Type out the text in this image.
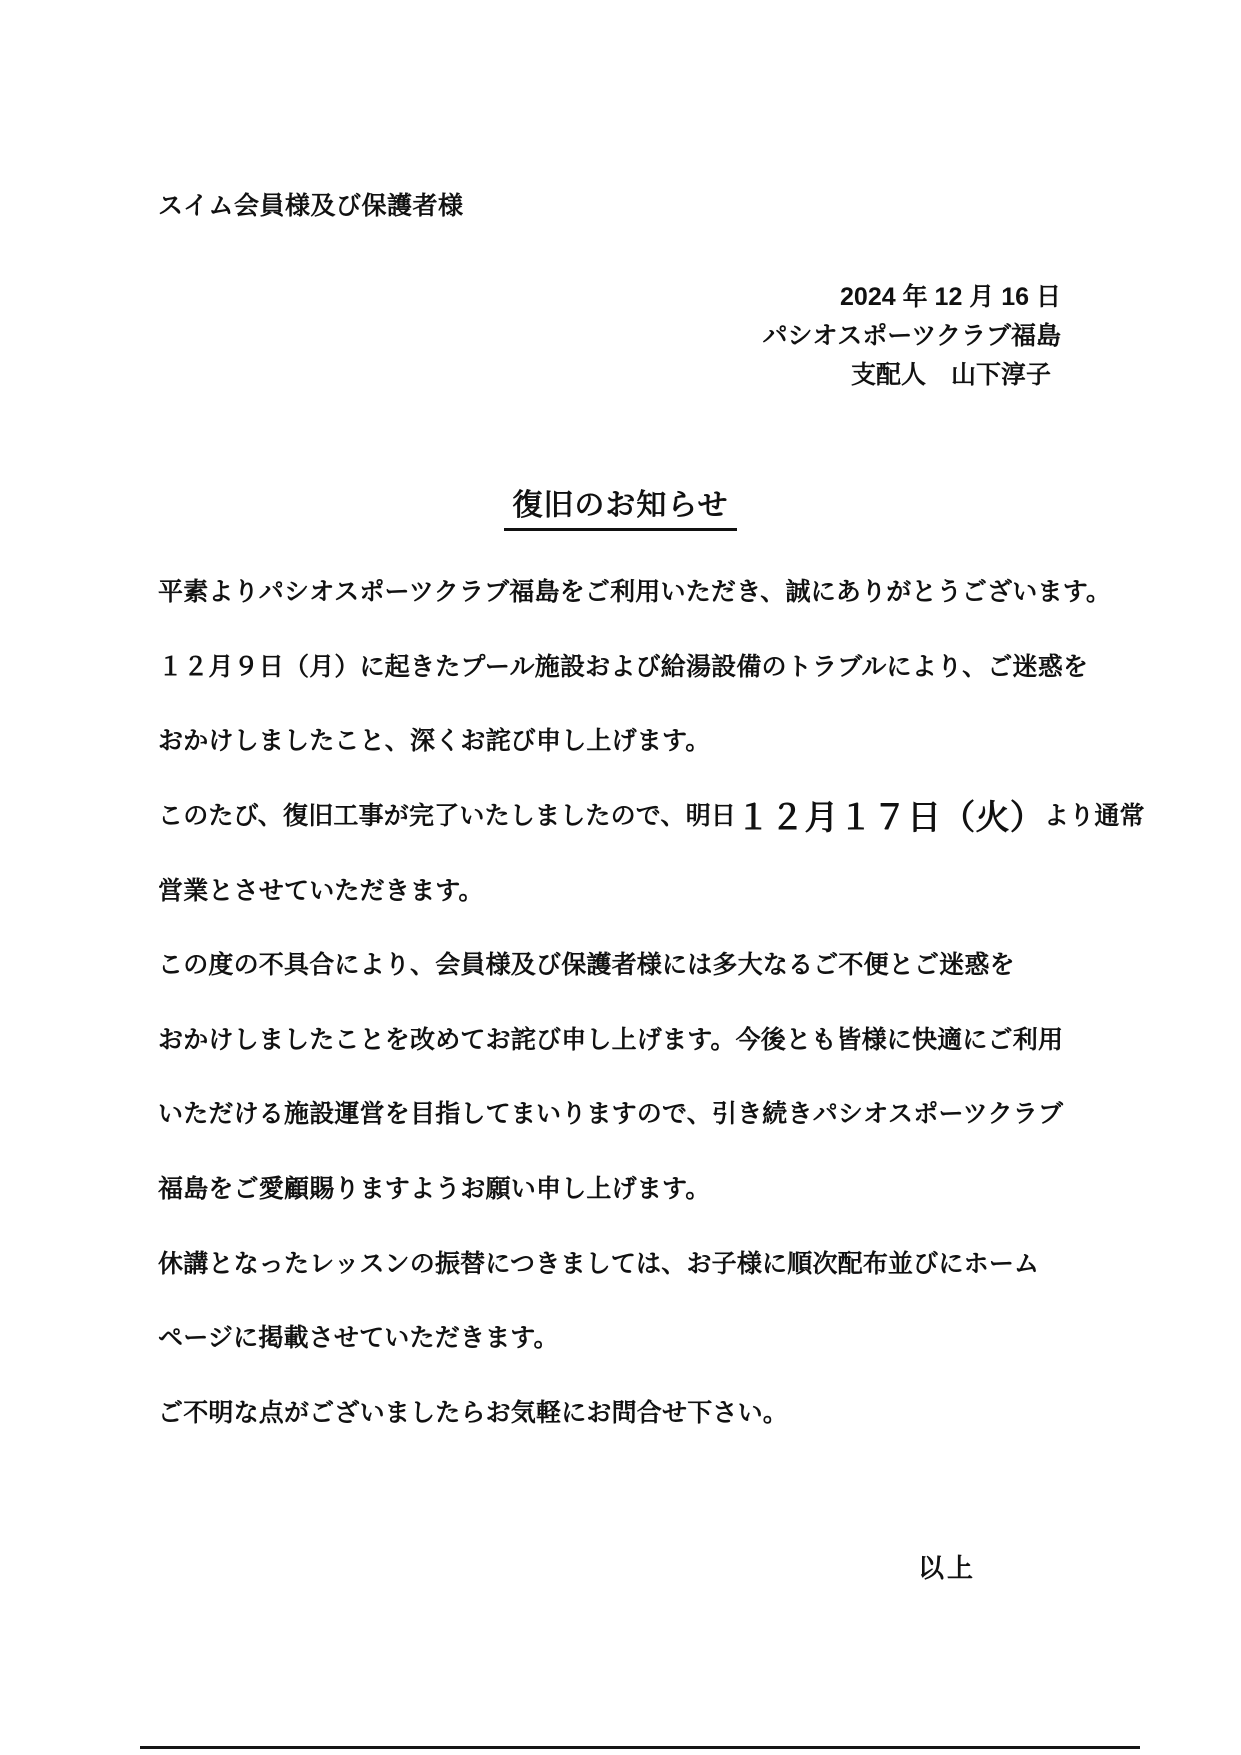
スイム会員様及び保護者様
2024 年 12 月 16 日
パシオスポーツクラブ福島
支配人　山下淳子
復旧のお知らせ
平素よりパシオスポーツクラブ福島をご利用いただき、誠にありがとうございます。
１２月９日（月）に起きたプール施設および給湯設備のトラブルにより、ご迷惑を
おかけしましたこと、深くお詫び申し上げます。
このたび、復旧工事が完了いたしましたので、明日 １２月１７日（火） より通常
営業とさせていただきます。
この度の不具合により、会員様及び保護者様には多大なるご不便とご迷惑を
おかけしましたことを改めてお詫び申し上げます。今後とも皆様に快適にご利用
いただける施設運営を目指してまいりますので、引き続きパシオスポーツクラブ
福島をご愛顧賜りますようお願い申し上げます。
休講となったレッスンの振替につきましては、お子様に順次配布並びにホーム
ページに掲載させていただきます。
ご不明な点がございましたらお気軽にお問合せ下さい。
以上
